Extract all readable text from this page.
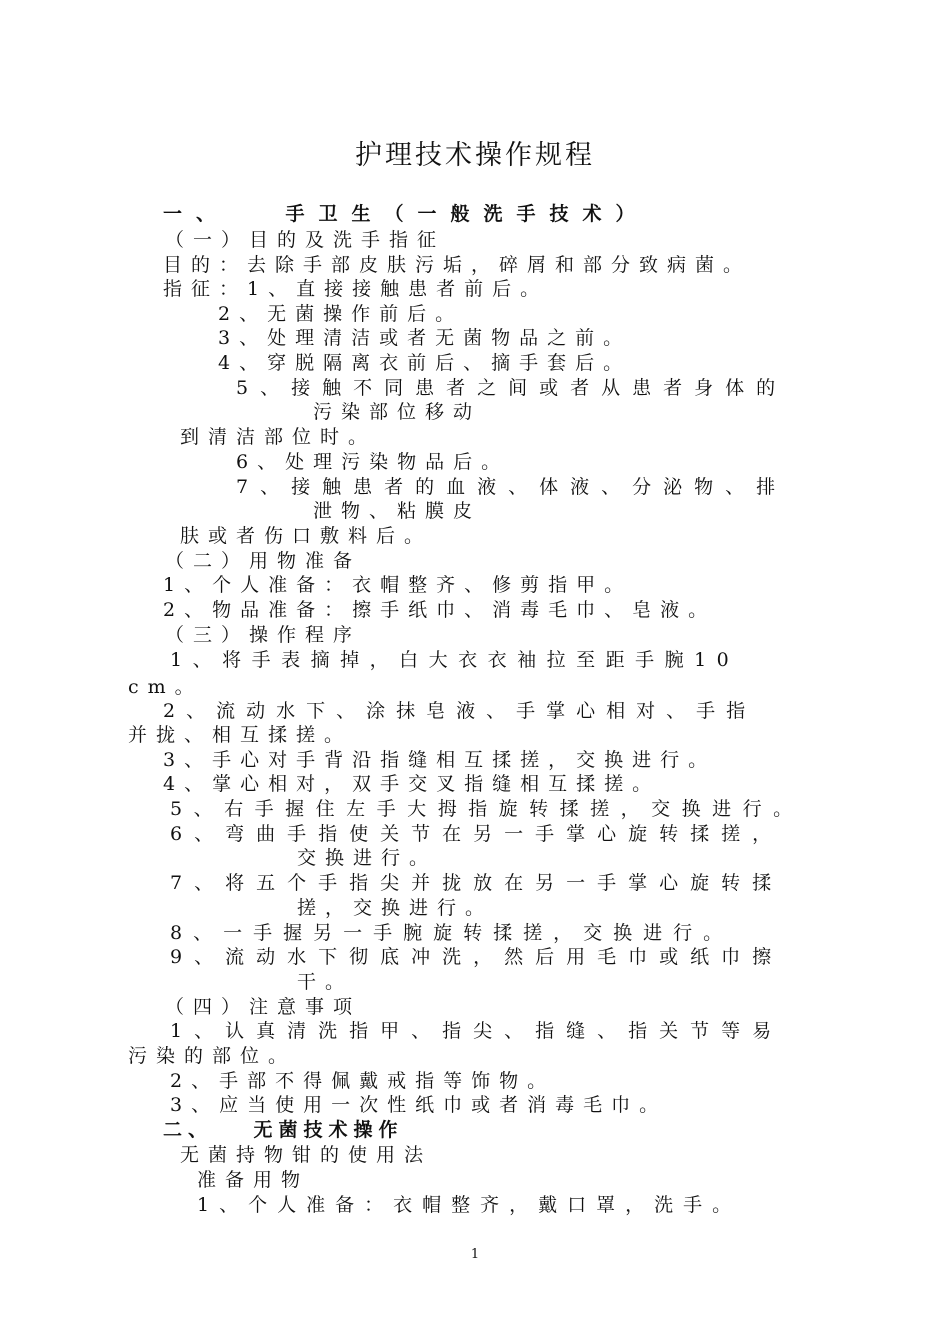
护理技术操作规程
一、　　手卫生（一般洗手技术）
（一）目的及洗手指征
目的：去除手部皮肤污垢，碎屑和部分致病菌。
指征：1、直接接触患者前后。
2、无菌操作前后。
3、处理清洁或者无菌物品之前。
4、穿脱隔离衣前后、摘手套后。
5、接触不同患者之间或者从患者身体的
污染部位移动
到清洁部位时。
6、处理污染物品后。
7、接触患者的血液、体液、分泌物、排
泄物、粘膜皮
肤或者伤口敷料后。
（二）用物准备
1、个人准备：衣帽整齐、修剪指甲。
2、物品准备：擦手纸巾、消毒毛巾、皂液。
（三）操作程序
1、将手表摘掉，白大衣衣袖拉至距手腕10
cm。
2、流动水下、涂抹皂液、手掌心相对、手指
并拢、相互揉搓。
3、手心对手背沿指缝相互揉搓，交换进行。
4、掌心相对，双手交叉指缝相互揉搓。
5、右手握住左手大拇指旋转揉搓，交换进行。
6、弯曲手指使关节在另一手掌心旋转揉搓，
交换进行。
7、将五个手指尖并拢放在另一手掌心旋转揉
搓，交换进行。
8、一手握另一手腕旋转揉搓，交换进行。
9、流动水下彻底冲洗，然后用毛巾或纸巾擦
干。
（四）注意事项
1、认真清洗指甲、指尖、指缝、指关节等易
污染的部位。
2、手部不得佩戴戒指等饰物。
3、应当使用一次性纸巾或者消毒毛巾。
二、　　无菌技术操作
无菌持物钳的使用法
准备用物
1、个人准备：衣帽整齐，戴口罩，洗手。
1
